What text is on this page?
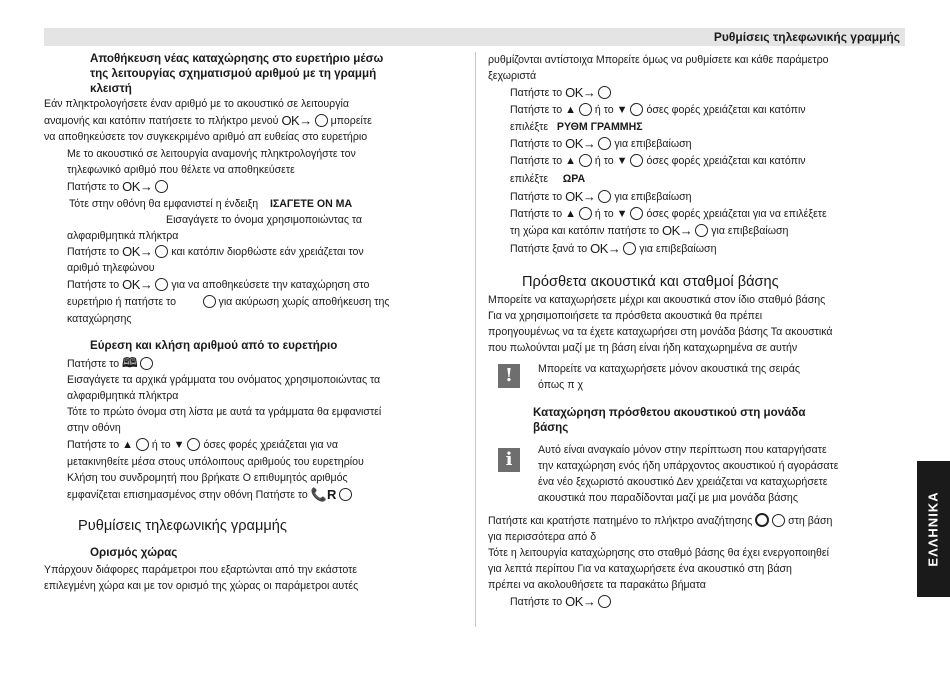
Ρυθμίσεις τηλεφωνικής γραμμής
Αποθήκευση νέας καταχώρησης στο ευρετήριο μέσω
της λειτουργίας σχηματισμού αριθμού με τη γραμμή
κλειστή
Εάν πληκτρολογήσετε έναν αριθμό με το ακουστικό σε λειτουργία
αναμονής και κατόπιν πατήσετε το πλήκτρο μενού OK→ μπορείτε
να αποθηκεύσετε τον συγκεκριμένο αριθμό απ ευθείας στο ευρετήριο
Με το ακουστικό σε λειτουργία αναμονής πληκτρολογήστε τον
τηλεφωνικό αριθμό που θέλετε να αποθηκεύσετε
Πατήστε το OK→
Τότε στην οθόνη θα εμφανιστεί η ένδειξη ΙΣΑΓΕΤΕ ΟΝ ΜΑ
Εισαγάγετε το όνομα χρησιμοποιώντας τα
αλφαριθμητικά πλήκτρα
Πατήστε το OK→ και κατόπιν διορθώστε εάν χρειάζεται τον
αριθμό τηλεφώνου
Πατήστε το OK→ για να αποθηκεύσετε την καταχώρηση στο
ευρετήριο ή πατήστε το	για ακύρωση χωρίς αποθήκευση της
καταχώρησης
Εύρεση και κλήση αριθμού από το ευρετήριο
Πατήστε το 🕮
Εισαγάγετε τα αρχικά γράμματα του ονόματος χρησιμοποιώντας τα
αλφαριθμητικά πλήκτρα
Τότε το πρώτο όνομα στη λίστα με αυτά τα γράμματα θα εμφανιστεί
στην οθόνη
Πατήστε το ▲ ή το ▼ όσες φορές χρειάζεται για να
μετακινηθείτε μέσα στους υπόλοιπους αριθμούς του ευρετηρίου
Κλήση του συνδρομητή που βρήκατε Ο επιθυμητός αριθμός
εμφανίζεται επισημασμένος στην οθόνη Πατήστε το 📞R
Ρυθμίσεις τηλεφωνικής γραμμής
Ορισμός χώρας
Υπάρχουν διάφορες παράμετροι που εξαρτώνται από την εκάστοτε
επιλεγμένη χώρα και με τον ορισμό της χώρας οι παράμετροι αυτές
ρυθμίζονται αντίστοιχα Μπορείτε όμως να ρυθμίσετε και κάθε παράμετρο
ξεχωριστά
Πατήστε το OK→
Πατήστε το ▲ ή το ▼ όσες φορές χρειάζεται και κατόπιν
επιλέξτε ΡΥΘΜ ΓΡΑΜΜΗΣ
Πατήστε το OK→ για επιβεβαίωση
Πατήστε το ▲ ή το ▼ όσες φορές χρειάζεται και κατόπιν
επιλέξτε ΩΡΑ
Πατήστε το OK→ για επιβεβαίωση
Πατήστε το ▲ ή το ▼ όσες φορές χρειάζεται για να επιλέξετε
τη χώρα και κατόπιν πατήστε το OK→ για επιβεβαίωση
Πατήστε ξανά το OK→ για επιβεβαίωση
Πρόσθετα ακουστικά και σταθμοί βάσης
Μπορείτε να καταχωρήσετε μέχρι και ακουστικά στον ίδιο σταθμό βάσης
Για να χρησιμοποιήσετε τα πρόσθετα ακουστικά θα πρέπει
προηγουμένως να τα έχετε καταχωρήσει στη μονάδα βάσης Τα ακουστικά
που πωλούνται μαζί με τη βάση είναι ήδη καταχωρημένα σε αυτήν
!	Μπορείτε να καταχωρήσετε μόνον ακουστικά της σειράς
όπως π χ
Καταχώρηση πρόσθετου ακουστικού στη μονάδα
βάσης
i	Αυτό είναι αναγκαίο μόνον στην περίπτωση που καταργήσατε
την καταχώρηση ενός ήδη υπάρχοντος ακουστικού ή αγοράσατε
ένα νέο ξεχωριστό ακουστικό Δεν χρειάζεται να καταχωρήσετε
ακουστικά που παραδίδονται μαζί με μια μονάδα βάσης
Πατήστε και κρατήστε πατημένο το πλήκτρο αναζήτησης	στη βάση
για περισσότερα από δ
Τότε η λειτουργία καταχώρησης στο σταθμό βάσης θα έχει ενεργοποιηθεί
για λεπτά περίπου Για να καταχωρήσετε ένα ακουστικό στη βάση
πρέπει να ακολουθήσετε τα παρακάτω βήματα
Πατήστε το OK→
ΕΛΛΗΝΙΚΑ
